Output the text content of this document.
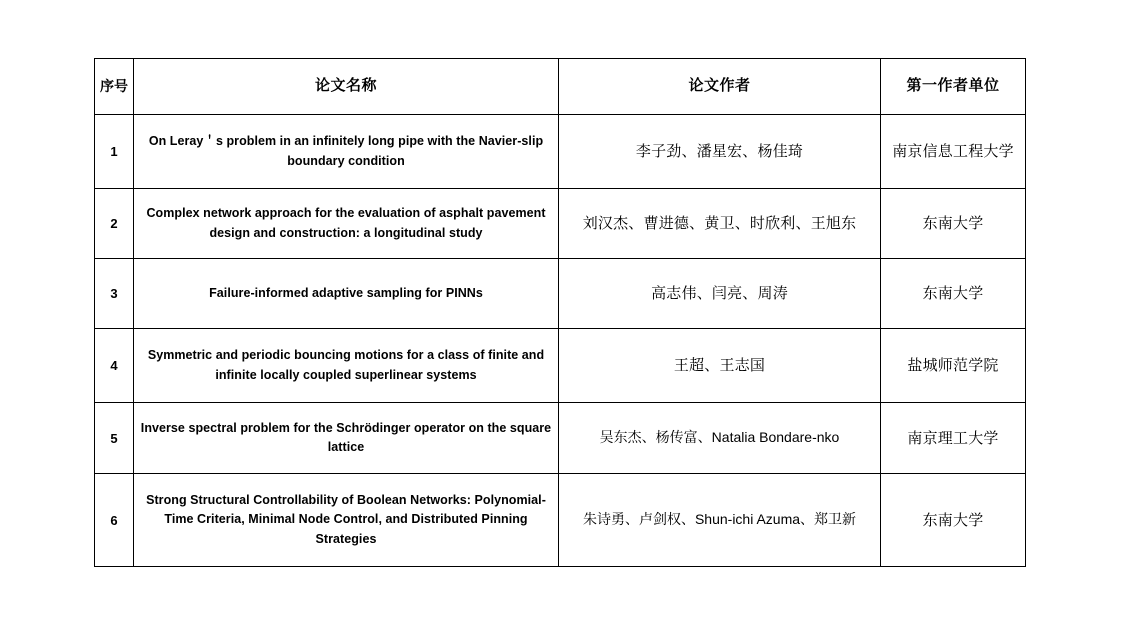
序号	论文名称	论文作者	第一作者单位

1	On Leray＇s problem in an infinitely long pipe with the Navier-slip boundary condition	李子劲、潘星宏、杨佳琦	南京信息工程大学
2	Complex network approach for the evaluation of asphalt pavement design and construction: a longitudinal study	刘汉杰、曹进德、黄卫、时欣利、王旭东	东南大学
3	Failure-informed adaptive sampling for PINNs	高志伟、闫亮、周涛	东南大学
4	Symmetric and periodic bouncing motions for a class of finite and infinite locally coupled superlinear systems	王超、王志国	盐城师范学院
5	Inverse spectral problem for the Schrödinger operator on the square lattice	吴东杰、杨传富、Natalia Bondare-nko	南京理工大学
6	Strong Structural Controllability of Boolean Networks: Polynomial-Time Criteria, Minimal Node Control, and Distributed Pinning Strategies	朱诗勇、卢剑权、Shun-ichi Azuma、郑卫新	东南大学
